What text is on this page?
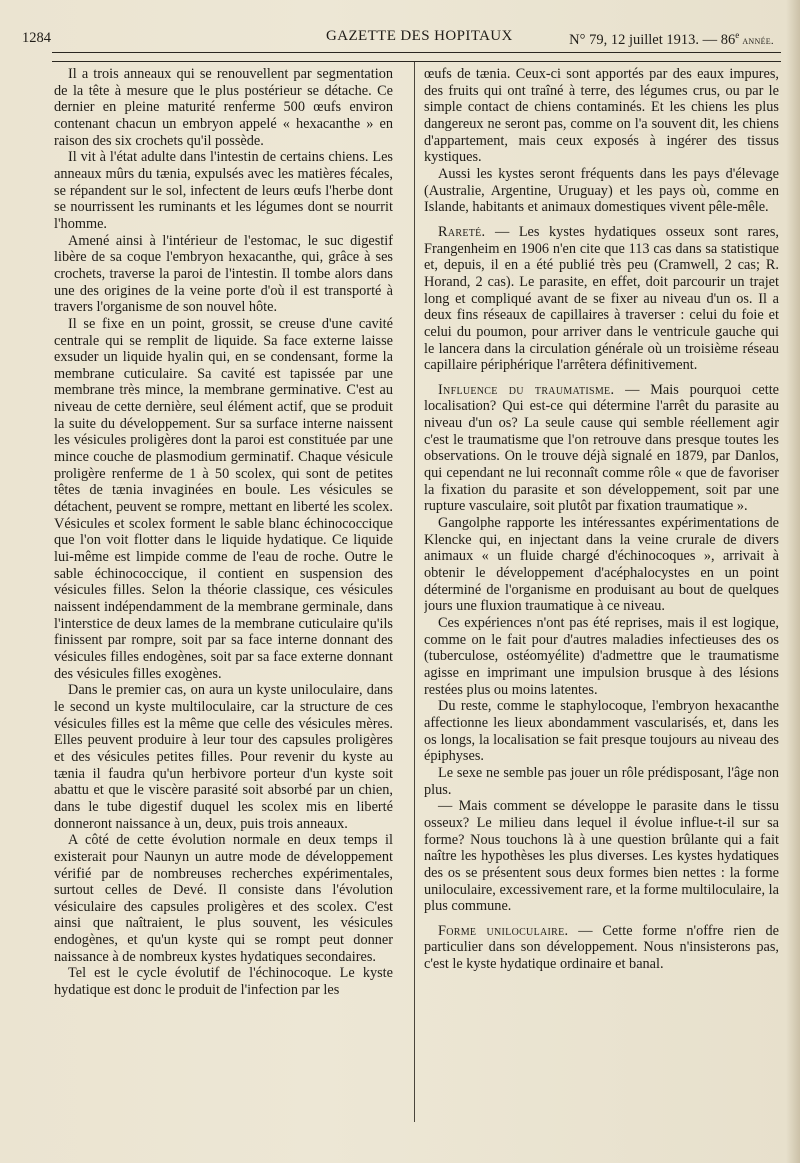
1284	GAZETTE DES HOPITAUX	N° 79, 12 juillet 1913. — 86e année.

Il a trois anneaux qui se renouvellent par segmentation de la tête à mesure que le plus postérieur se détache. Ce dernier en pleine maturité renferme 500 œufs environ contenant chacun un embryon appelé « hexacanthe » en raison des six crochets qu'il possède.

Il vit à l'état adulte dans l'intestin de certains chiens. Les anneaux mûrs du tænia, expulsés avec les matières fécales, se répandent sur le sol, infectent de leurs œufs l'herbe dont se nourrissent les ruminants et les légumes dont se nourrit l'homme.

Amené ainsi à l'intérieur de l'estomac, le suc digestif libère de sa coque l'embryon hexacanthe, qui, grâce à ses crochets, traverse la paroi de l'intestin. Il tombe alors dans une des origines de la veine porte d'où il est transporté à travers l'organisme de son nouvel hôte.

Il se fixe en un point, grossit, se creuse d'une cavité centrale qui se remplit de liquide. Sa face externe laisse exsuder un liquide hyalin qui, en se condensant, forme la membrane cuticulaire. Sa cavité est tapissée par une membrane très mince, la membrane germinative. C'est au niveau de cette dernière, seul élément actif, que se produit la suite du développement. Sur sa surface interne naissent les vésicules proligères dont la paroi est constituée par une mince couche de plasmodium germinatif. Chaque vésicule proligère renferme de 1 à 50 scolex, qui sont de petites têtes de tænia invaginées en boule. Les vésicules se détachent, peuvent se rompre, mettant en liberté les scolex. Vésicules et scolex forment le sable blanc échinococcique que l'on voit flotter dans le liquide hydatique. Ce liquide lui-même est limpide comme de l'eau de roche. Outre le sable échinococcique, il contient en suspension des vésicules filles. Selon la théorie classique, ces vésicules naissent indépendamment de la membrane germinale, dans l'interstice de deux lames de la membrane cuticulaire qu'ils finissent par rompre, soit par sa face interne donnant des vésicules filles endogènes, soit par sa face externe donnant des vésicules filles exogènes.

Dans le premier cas, on aura un kyste uniloculaire, dans le second un kyste multiloculaire, car la structure de ces vésicules filles est la même que celle des vésicules mères. Elles peuvent produire à leur tour des capsules proligères et des vésicules petites filles. Pour revenir du kyste au tænia il faudra qu'un herbivore porteur d'un kyste soit abattu et que le viscère parasité soit absorbé par un chien, dans le tube digestif duquel les scolex mis en liberté donneront naissance à un, deux, puis trois anneaux.

A côté de cette évolution normale en deux temps il existerait pour Naunyn un autre mode de développement vérifié par de nombreuses recherches expérimentales, surtout celles de Devé. Il consiste dans l'évolution vésiculaire des capsules proligères et des scolex. C'est ainsi que naîtraient, le plus souvent, les vésicules endogènes, et qu'un kyste qui se rompt peut donner naissance à de nombreux kystes hydatiques secondaires.

Tel est le cycle évolutif de l'échinocoque. Le kyste hydatique est donc le produit de l'infection par les

œufs de tænia. Ceux-ci sont apportés par des eaux impures, des fruits qui ont traîné à terre, des légumes crus, ou par le simple contact de chiens contaminés. Et les chiens les plus dangereux ne seront pas, comme on l'a souvent dit, les chiens d'appartement, mais ceux exposés à ingérer des tissus kystiques.

Aussi les kystes seront fréquents dans les pays d'élevage (Australie, Argentine, Uruguay) et les pays où, comme en Islande, habitants et animaux domestiques vivent pêle-mêle.

Rareté. — Les kystes hydatiques osseux sont rares, Frangenheim en 1906 n'en cite que 113 cas dans sa statistique et, depuis, il en a été publié très peu (Cramwell, 2 cas; R. Horand, 2 cas). Le parasite, en effet, doit parcourir un trajet long et compliqué avant de se fixer au niveau d'un os. Il a deux fins réseaux de capillaires à traverser : celui du foie et celui du poumon, pour arriver dans le ventricule gauche qui le lancera dans la circulation générale où un troisième réseau capillaire périphérique l'arrêtera définitivement.

Influence du traumatisme. — Mais pourquoi cette localisation? Qui est-ce qui détermine l'arrêt du parasite au niveau d'un os? La seule cause qui semble réellement agir c'est le traumatisme que l'on retrouve dans presque toutes les observations. On le trouve déjà signalé en 1879, par Danlos, qui cependant ne lui reconnaît comme rôle « que de favoriser la fixation du parasite et son développement, soit par une rupture vasculaire, soit plutôt par fixation traumatique ».

Gangolphe rapporte les intéressantes expérimentations de Klencke qui, en injectant dans la veine crurale de divers animaux « un fluide chargé d'échinocoques », arrivait à obtenir le développement d'acéphalocystes en un point déterminé de l'organisme en produisant au bout de quelques jours une fluxion traumatique à ce niveau.

Ces expériences n'ont pas été reprises, mais il est logique, comme on le fait pour d'autres maladies infectieuses des os (tuberculose, ostéomyélite) d'admettre que le traumatisme agisse en imprimant une impulsion brusque à des lésions restées plus ou moins latentes.

Du reste, comme le staphylocoque, l'embryon hexacanthe affectionne les lieux abondamment vascularisés, et, dans les os longs, la localisation se fait presque toujours au niveau des épiphyses.

Le sexe ne semble pas jouer un rôle prédisposant, l'âge non plus.

— Mais comment se développe le parasite dans le tissu osseux? Le milieu dans lequel il évolue influe-t-il sur sa forme? Nous touchons là à une question brûlante qui a fait naître les hypothèses les plus diverses. Les kystes hydatiques des os se présentent sous deux formes bien nettes : la forme uniloculaire, excessivement rare, et la forme multiloculaire, la plus commune.

Forme uniloculaire. — Cette forme n'offre rien de particulier dans son développement. Nous n'insisterons pas, c'est le kyste hydatique ordinaire et banal.
